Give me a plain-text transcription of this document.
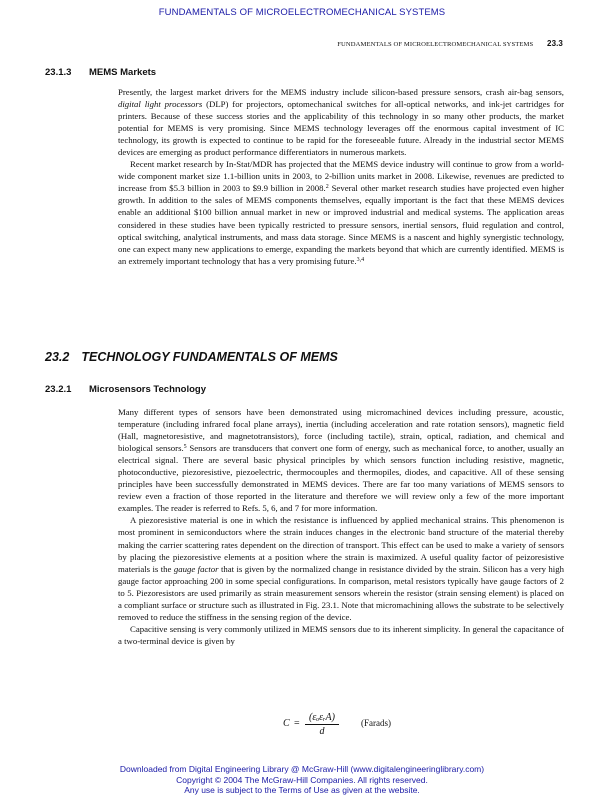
FUNDAMENTALS OF MICROELECTROMECHANICAL SYSTEMS
FUNDAMENTALS OF MICROELECTROMECHANICAL SYSTEMS 23.3
23.1.3 MEMS Markets

Presently, the largest market drivers for the MEMS industry include silicon-based pressure sensors, crash air-bag sensors, digital light processors (DLP) for projectors, optomechanical switches for all-optical networks, and ink-jet cartridges for printers. Because of these success stories and the applicability of this technology in so many other products, the market potential for MEMS is very promising. Since MEMS technology leverages off the enormous capital investment of IC technology, its growth is expected to continue to be rapid for the foreseeable future. Already in the industrial sector MEMS devices are emerging as product performance differentiators in numerous markets.

Recent market research by In-Stat/MDR has projected that the MEMS device industry will continue to grow from a world-wide component market size 1.1-billion units in 2003, to 2-billion units market in 2008. Likewise, revenues are predicted to increase from $5.3 billion in 2003 to $9.9 billion in 2008.$^2$ Several other market research studies have projected even higher growth. In addition to the sales of MEMS components themselves, equally important is the fact that these MEMS devices enable an additional $100 billion annual market in new or improved industrial and medical systems. The application areas considered in these studies have been typically restricted to pressure sensors, inertial sensors, fluid regulation and control, optical switching, analytical instruments, and mass data storage. Since MEMS is a nascent and highly synergistic technology, one can expect many new applications to emerge, expanding the markets beyond that which are currently identified. MEMS is an extremely important technology that has a very promising future.$^{3,4}$

23.2 TECHNOLOGY FUNDAMENTALS OF MEMS
23.2.1 Microsensors Technology

Many different types of sensors have been demonstrated using micromachined devices including pressure, acoustic, temperature (including infrared focal plane arrays), inertia (including acceleration and rate rotation sensors), magnetic field (Hall, magnetoresistive, and magnetotransistors), force (including tactile), strain, optical, radiation, and chemical and biological sensors.$^5$ Sensors are transducers that convert one form of energy, such as mechanical force, to another, usually an electrical signal. There are several basic physical principles by which sensors function including resistive, magnetic, photoconductive, piezoresistive, piezoelectric, thermocouples and thermopiles, diodes, and capacitive. All of these sensing principles have been successfully demonstrated in MEMS devices. There are far too many variations of MEMS sensors to review even a fraction of those reported in the literature and therefore we will review only a few of the more important examples. The reader is referred to Refs. 5, 6, and 7 for more information.

A piezoresistive material is one in which the resistance is influenced by applied mechanical strains. This phenomenon is most prominent in semiconductors where the strain induces changes in the electronic band structure of the material thereby making the carrier scattering rates dependent on the direction of transport. This effect can be used to make a variety of sensors by placing the piezoresistive elements at a position where the strain is maximized. A useful quality factor of peizoresistive materials is the gauge factor that is given by the normalized change in resistance divided by the strain. Silicon has a very high gauge factor approaching 200 in some special configurations. In comparison, metal resistors typically have gauge factors of 2 to 5. Piezoresistors are used primarily as strain measurement sensors wherein the resistor (strain sensing element) is placed on a compliant surface or structure such as illustrated in Fig. 23.1. Note that micromachining allows the substrate to be selectively removed to reduce the stiffness in the sensing region of the device.

Capacitive sensing is very commonly utilized in MEMS sensors due to its inherent simplicity. In general the capacitance of a two-terminal device is given by

C =
(εₒεᵣA)
d
(Farads)
Downloaded from Digital Engineering Library @ McGraw-Hill (www.digitalengineeringlibrary.com)
Copyright © 2004 The McGraw-Hill Companies. All rights reserved.
Any use is subject to the Terms of Use as given at the website.
